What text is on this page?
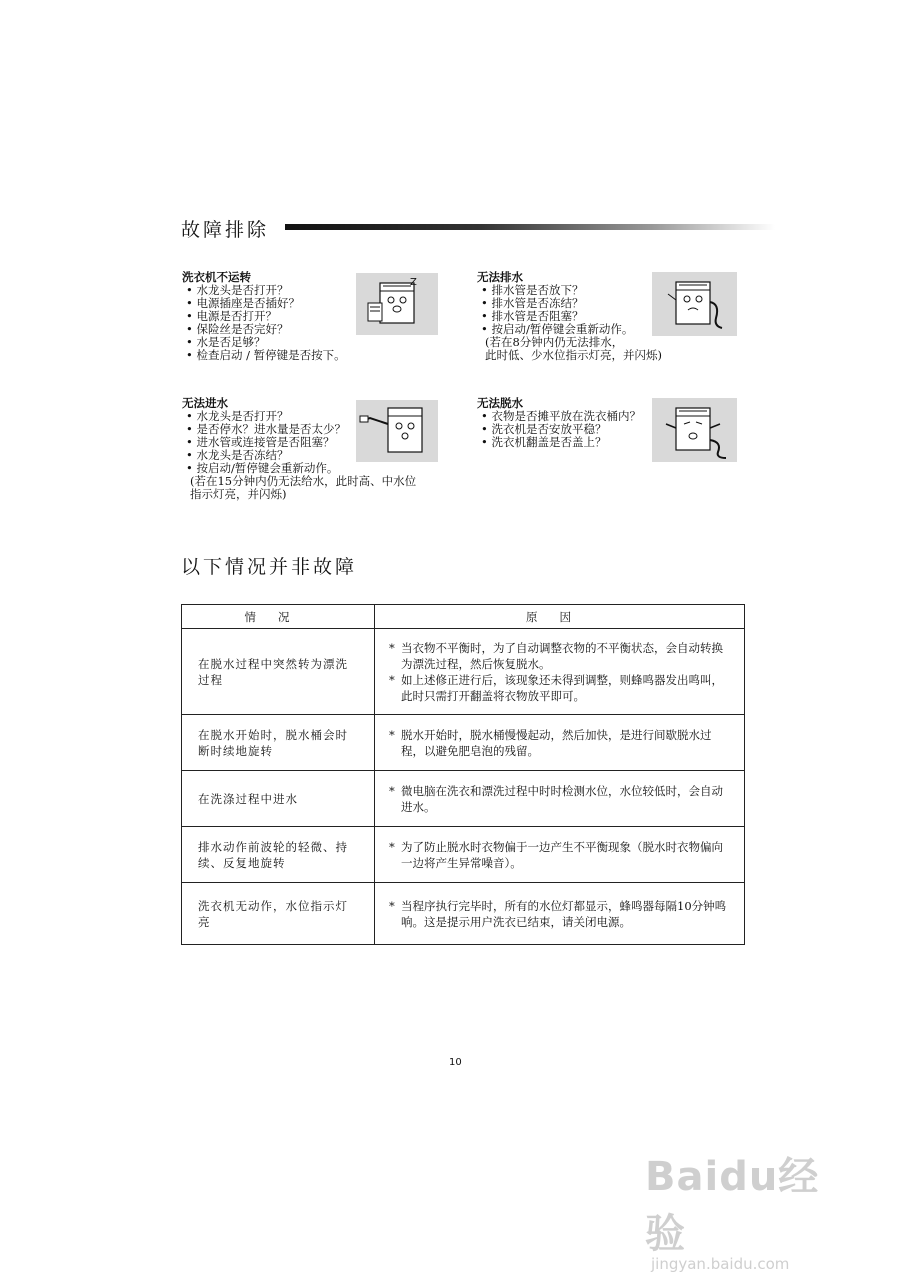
故障排除
洗衣机不运转
• 水龙头是否打开？
• 电源插座是否插好？
• 电源是否打开？
• 保险丝是否完好？
• 水是否足够？
• 检查启动 / 暂停键是否按下。
Z	无法排水
• 排水管是否放下？
• 排水管是否冻结？
• 排水管是否阻塞？
• 按启动/暂停键会重新动作。
(若在8分钟内仍无法排水，
此时低、少水位指示灯亮，并闪烁)
无法进水
• 水龙头是否打开？
• 是否停水？进水量是否太少？
• 进水管或连接管是否阻塞？
• 水龙头是否冻结？
• 按启动/暂停键会重新动作。
(若在15分钟内仍无法给水，此时高、中水位
指示灯亮，并闪烁)
无法脱水
• 衣物是否摊平放在洗衣桶内？
• 洗衣机是否安放平稳？
• 洗衣机翻盖是否盖上？
以下情况并非故障
情况	原因
在脱水过程中突然转为漂洗过程	* 当衣物不平衡时，为了自动调整衣物的不平衡状态，会自动转换为漂洗过程，然后恢复脱水。
* 如上述修正进行后，该现象还未得到调整，则蜂鸣器发出鸣叫，此时只需打开翻盖将衣物放平即可。

在脱水开始时，脱水桶会时断时续地旋转	* 脱水开始时，脱水桶慢慢起动，然后加快，是进行间歇脱水过程，以避免肥皂泡的残留。

在洗涤过程中进水	* 微电脑在洗衣和漂洗过程中时时检测水位，水位较低时，会自动进水。

排水动作前波轮的轻微、持续、反复地旋转	* 为了防止脱水时衣物偏于一边产生不平衡现象（脱水时衣物偏向一边将产生异常噪音）。

洗衣机无动作，水位指示灯亮	* 当程序执行完毕时，所有的水位灯都显示，蜂鸣器每隔10分钟鸣响。这是提示用户洗衣已结束，请关闭电源。
10
Baidu经验
jingyan.baidu.com
